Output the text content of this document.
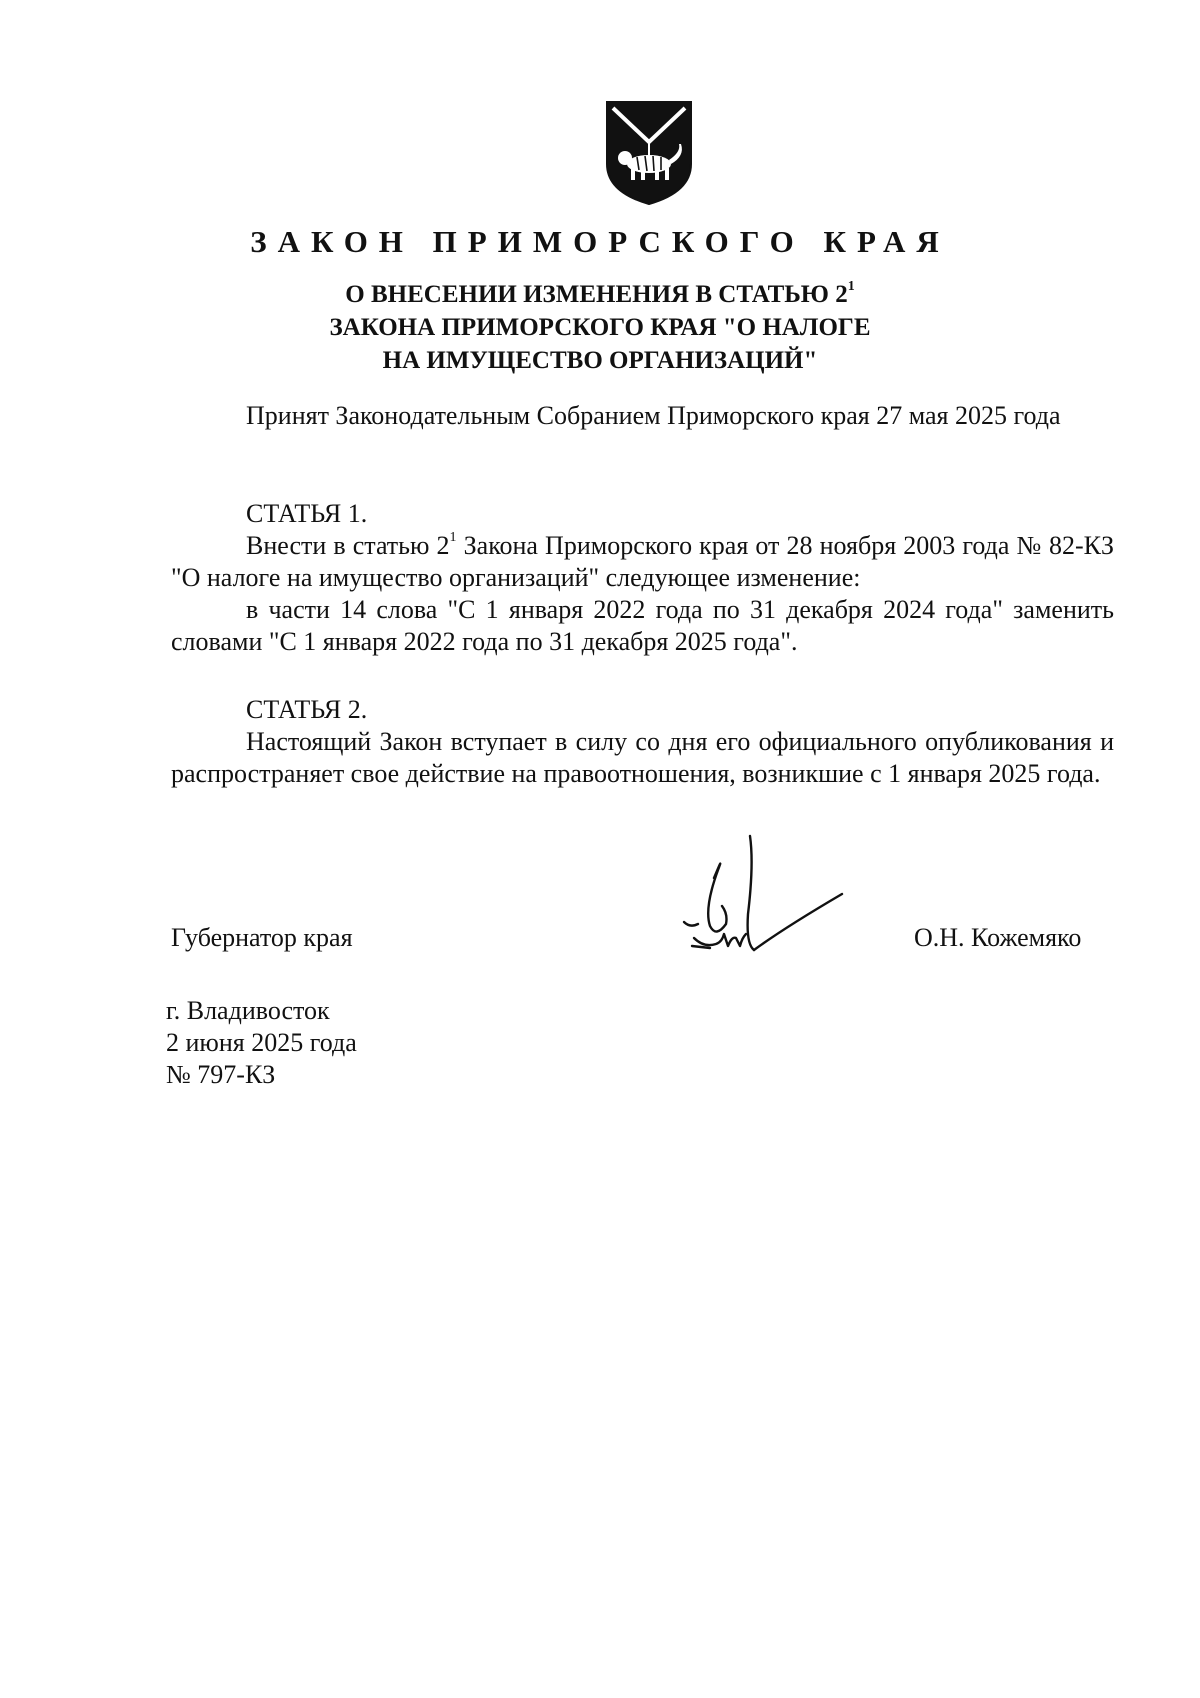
ЗАКОН ПРИМОРСКОГО КРАЯ
О ВНЕСЕНИИ ИЗМЕНЕНИЯ В СТАТЬЮ $2^1$
ЗАКОНА ПРИМОРСКОГО КРАЯ "О НАЛОГЕ
НА ИМУЩЕСТВО ОРГАНИЗАЦИЙ"

Принят Законодательным Собранием Приморского края 27 мая 2025 года

СТАТЬЯ 1.

Внести в статью $2^1$ Закона Приморского края от 28 ноября 2003 года № 82-КЗ "О налоге на имущество организаций" следующее изменение:

в части 14 слова "С 1 января 2022 года по 31 декабря 2024 года" заменить словами "С 1 января 2022 года по 31 декабря 2025 года".

СТАТЬЯ 2.

Настоящий Закон вступает в силу со дня его официального опубликования и распространяет свое действие на правоотношения, возникшие с 1 января 2025 года.

Губернатор края	О.Н. Кожемяко
г. Владивосток
2 июня 2025 года
№ 797-КЗ
